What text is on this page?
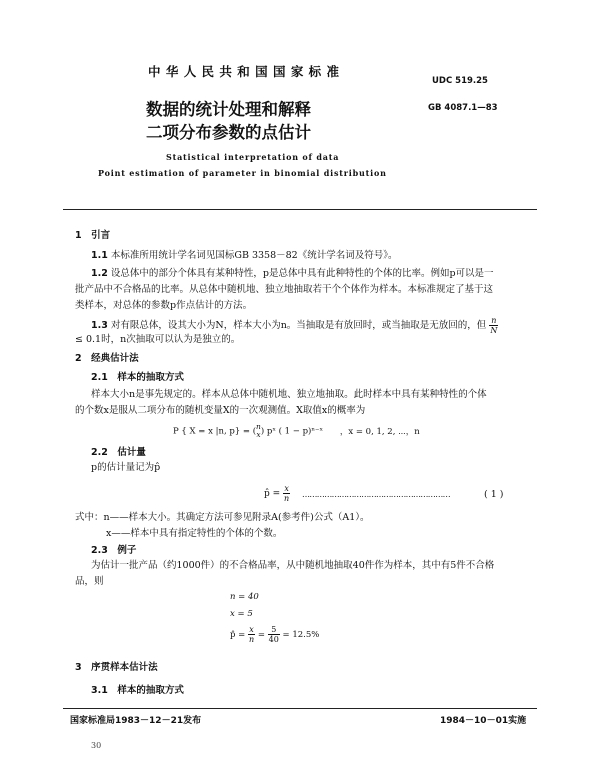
中 华 人 民 共 和 国 国 家 标 准
UDC 519.25
数据的统计处理和解释	GB 4087.1—83
二项分布参数的点估计
Statistical interpretation of data
Point estimation of parameter in binomial distribution
1　引言
1.1 本标准所用统计学名词见国标GB 3358－82《统计学名词及符号》。
1.2 设总体中的部分个体具有某种特性，p是总体中具有此种特性的个体的比率。例如p可以是一
批产品中不合格品的比率。从总体中随机地、独立地抽取若干个个体作为样本。本标准规定了基于这
类样本，对总体的参数p作点估计的方法。
1.3 对有限总体，设其大小为N，样本大小为n。当抽取是有放回时，或当抽取是无放回的，但 $\frac{n}{N}$
≤ 0.1时，n次抽取可以认为是独立的。
2　经典估计法
2.1　样本的抽取方式
样本大小n是事先规定的。样本从总体中随机地、独立地抽取。此时样本中具有某种特性的个体
的个数x是服从二项分布的随机变量X的一次观测值。X取值x的概率为
P { X = x |n, p} = ( n
x ) pˣ ( 1 − p)ⁿ⁻ˣ ，x = 0, 1, 2, ⋯，n
2.2　估计量
p的估计量记为p̂
p̂ = $\frac{x}{n}$ ……………………………………………………	( 1 )
式中：n——样本大小。其确定方法可参见附录A(参考件)公式（A1）。
x——样本中具有指定特性的个体的个数。
2.3　例子
为估计一批产品（约1000件）的不合格品率，从中随机地抽取40件作为样本，其中有5件不合格
品，则
n = 40
x = 5
p̂ = $\frac{x}{n} = \frac{5}{40} = 12.5\%$
3　序贯样本估计法
3.1　样本的抽取方式
国家标准局1983－12－21发布	1984－10－01实施
30
